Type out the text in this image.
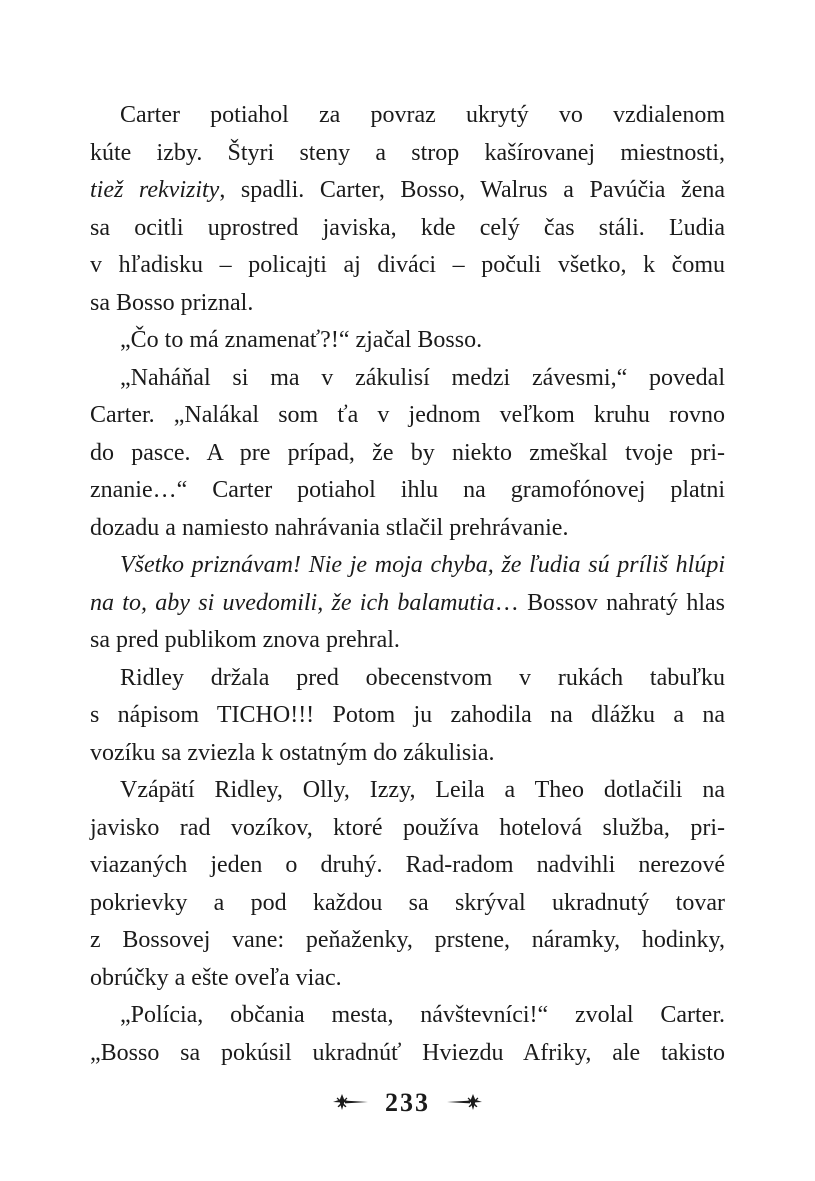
Carter potiahol za povraz ukrytý vo vzdialenom
kúte izby. Štyri steny a strop kašírovanej miestnosti,
tiež rekvizity, spadli. Carter, Bosso, Walrus a Pavúčia žena
sa ocitli uprostred javiska, kde celý čas stáli. Ľudia
v hľadisku – policajti aj diváci – počuli všetko, k čomu
sa Bosso priznal.
„Čo to má znamenať?!“ zjačal Bosso.
„Naháňal si ma v zákulisí medzi závesmi,“ povedal
Carter. „Nalákal som ťa v jednom veľkom kruhu rovno
do pasce. A pre prípad, že by niekto zmeškal tvoje pri-
znanie…“ Carter potiahol ihlu na gramofónovej platni
dozadu a namiesto nahrávania stlačil prehrávanie.
Všetko priznávam! Nie je moja chyba, že ľudia sú príliš hlúpi
na to, aby si uvedomili, že ich balamutia… Bossov nahratý hlas
sa pred publikom znova prehral.
Ridley držala pred obecenstvom v rukách tabuľku
s nápisom TICHO!!! Potom ju zahodila na dlážku a na
vozíku sa zviezla k ostatným do zákulisia.
Vzápätí Ridley, Olly, Izzy, Leila a Theo dotlačili na
javisko rad vozíkov, ktoré používa hotelová služba, pri-
viazaných jeden o druhý. Rad-radom nadvihli nerezové
pokrievky a pod každou sa skrýval ukradnutý tovar
z Bossovej vane: peňaženky, prstene, náramky, hodinky,
obrúčky a ešte oveľa viac.
„Polícia, občania mesta, návštevníci!“ zvolal Carter.
„Bosso sa pokúsil ukradnúť Hviezdu Afriky, ale takisto
233
